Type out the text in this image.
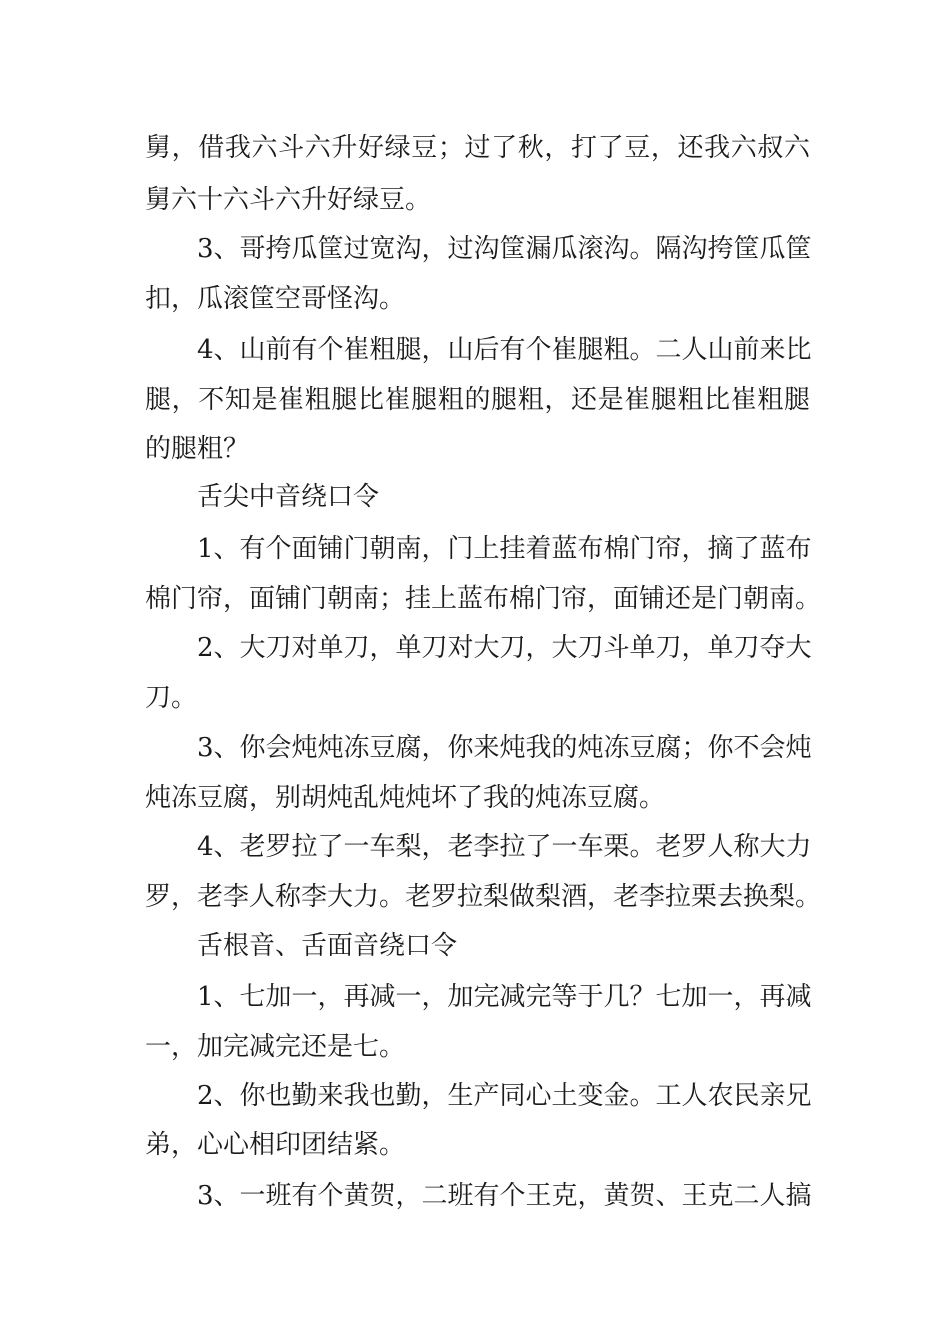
舅，借我六斗六升好绿豆；过了秋，打了豆，还我六叔六
舅六十六斗六升好绿豆。
3、哥挎瓜筐过宽沟，过沟筐漏瓜滚沟。隔沟挎筐瓜筐
扣，瓜滚筐空哥怪沟。
4、山前有个崔粗腿，山后有个崔腿粗。二人山前来比
腿，不知是崔粗腿比崔腿粗的腿粗，还是崔腿粗比崔粗腿
的腿粗？
舌尖中音绕口令
1、有个面铺门朝南，门上挂着蓝布棉门帘，摘了蓝布
棉门帘，面铺门朝南；挂上蓝布棉门帘，面铺还是门朝南。
2、大刀对单刀，单刀对大刀，大刀斗单刀，单刀夺大
刀。
3、你会炖炖冻豆腐，你来炖我的炖冻豆腐；你不会炖
炖冻豆腐，别胡炖乱炖炖坏了我的炖冻豆腐。
4、老罗拉了一车梨，老李拉了一车栗。老罗人称大力
罗，老李人称李大力。老罗拉梨做梨酒，老李拉栗去换梨。
舌根音、舌面音绕口令
1、七加一，再减一，加完减完等于几？七加一，再减
一，加完减完还是七。
2、你也勤来我也勤，生产同心土变金。工人农民亲兄
弟，心心相印团结紧。
3、一班有个黄贺，二班有个王克，黄贺、王克二人搞
